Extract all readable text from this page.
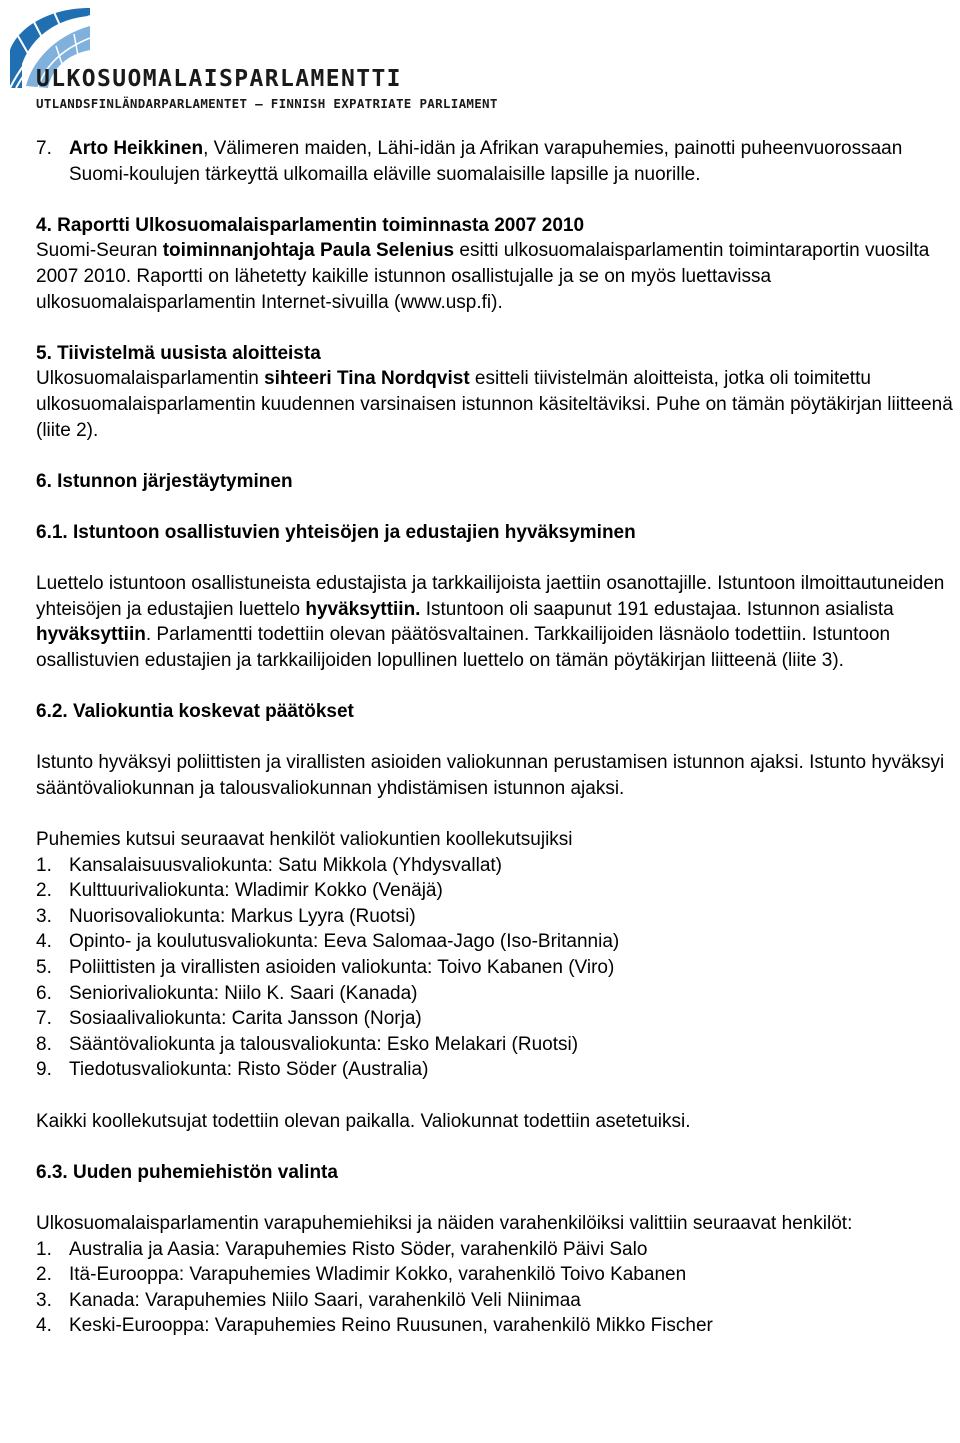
ULKOSUOMALAISPARLAMENTTI
UTLANDSFINLÄNDARPARLAMENTET – FINNISH EXPATRIATE PARLIAMENT
7. Arto Heikkinen, Välimeren maiden, Lähi-idän ja Afrikan varapuhemies, painotti puheenvuorossaan Suomi-koulujen tärkeyttä ulkomailla eläville suomalaisille lapsille ja nuorille.

4. Raportti Ulkosuomalaisparlamentin toiminnasta 2007 2010

Suomi-Seuran toiminnanjohtaja Paula Selenius esitti ulkosuomalaisparlamentin toimintaraportin vuosilta 2007 2010. Raportti on lähetetty kaikille istunnon osallistujalle ja se on myös luettavissa ulkosuomalaisparlamentin Internet-sivuilla (www.usp.fi).

5. Tiivistelmä uusista aloitteista

Ulkosuomalaisparlamentin sihteeri Tina Nordqvist esitteli tiivistelmän aloitteista, jotka oli toimitettu ulkosuomalaisparlamentin kuudennen varsinaisen istunnon käsiteltäviksi. Puhe on tämän pöytäkirjan liitteenä (liite 2).

6. Istunnon järjestäytyminen

6.1. Istuntoon osallistuvien yhteisöjen ja edustajien hyväksyminen

Luettelo istuntoon osallistuneista edustajista ja tarkkailijoista jaettiin osanottajille. Istuntoon ilmoittautuneiden yhteisöjen ja edustajien luettelo hyväksyttiin. Istuntoon oli saapunut 191 edustajaa. Istunnon asialista hyväksyttiin. Parlamentti todettiin olevan päätösvaltainen. Tarkkailijoiden läsnäolo todettiin. Istuntoon osallistuvien edustajien ja tarkkailijoiden lopullinen luettelo on tämän pöytäkirjan liitteenä (liite 3).

6.2. Valiokuntia koskevat päätökset

Istunto hyväksyi poliittisten ja virallisten asioiden valiokunnan perustamisen istunnon ajaksi. Istunto hyväksyi sääntövaliokunnan ja talousvaliokunnan yhdistämisen istunnon ajaksi.

Puhemies kutsui seuraavat henkilöt valiokuntien koollekutsujiksi

1. Kansalaisuusvaliokunta: Satu Mikkola (Yhdysvallat)
2. Kulttuurivaliokunta: Wladimir Kokko (Venäjä)
3. Nuorisovaliokunta: Markus Lyyra (Ruotsi)
4. Opinto- ja koulutusvaliokunta: Eeva Salomaa-Jago (Iso-Britannia)
5. Poliittisten ja virallisten asioiden valiokunta: Toivo Kabanen (Viro)
6. Seniorivaliokunta: Niilo K. Saari (Kanada)
7. Sosiaalivaliokunta: Carita Jansson (Norja)
8. Sääntövaliokunta ja talousvaliokunta: Esko Melakari (Ruotsi)
9. Tiedotusvaliokunta: Risto Söder (Australia)

Kaikki koollekutsujat todettiin olevan paikalla. Valiokunnat todettiin asetetuiksi.

6.3. Uuden puhemiehistön valinta

Ulkosuomalaisparlamentin varapuhemiehiksi ja näiden varahenkilöiksi valittiin seuraavat henkilöt:

1. Australia ja Aasia: Varapuhemies Risto Söder, varahenkilö Päivi Salo
2. Itä-Eurooppa: Varapuhemies Wladimir Kokko, varahenkilö Toivo Kabanen
3. Kanada: Varapuhemies Niilo Saari, varahenkilö Veli Niinimaa
4. Keski-Eurooppa: Varapuhemies Reino Ruusunen, varahenkilö Mikko Fischer
